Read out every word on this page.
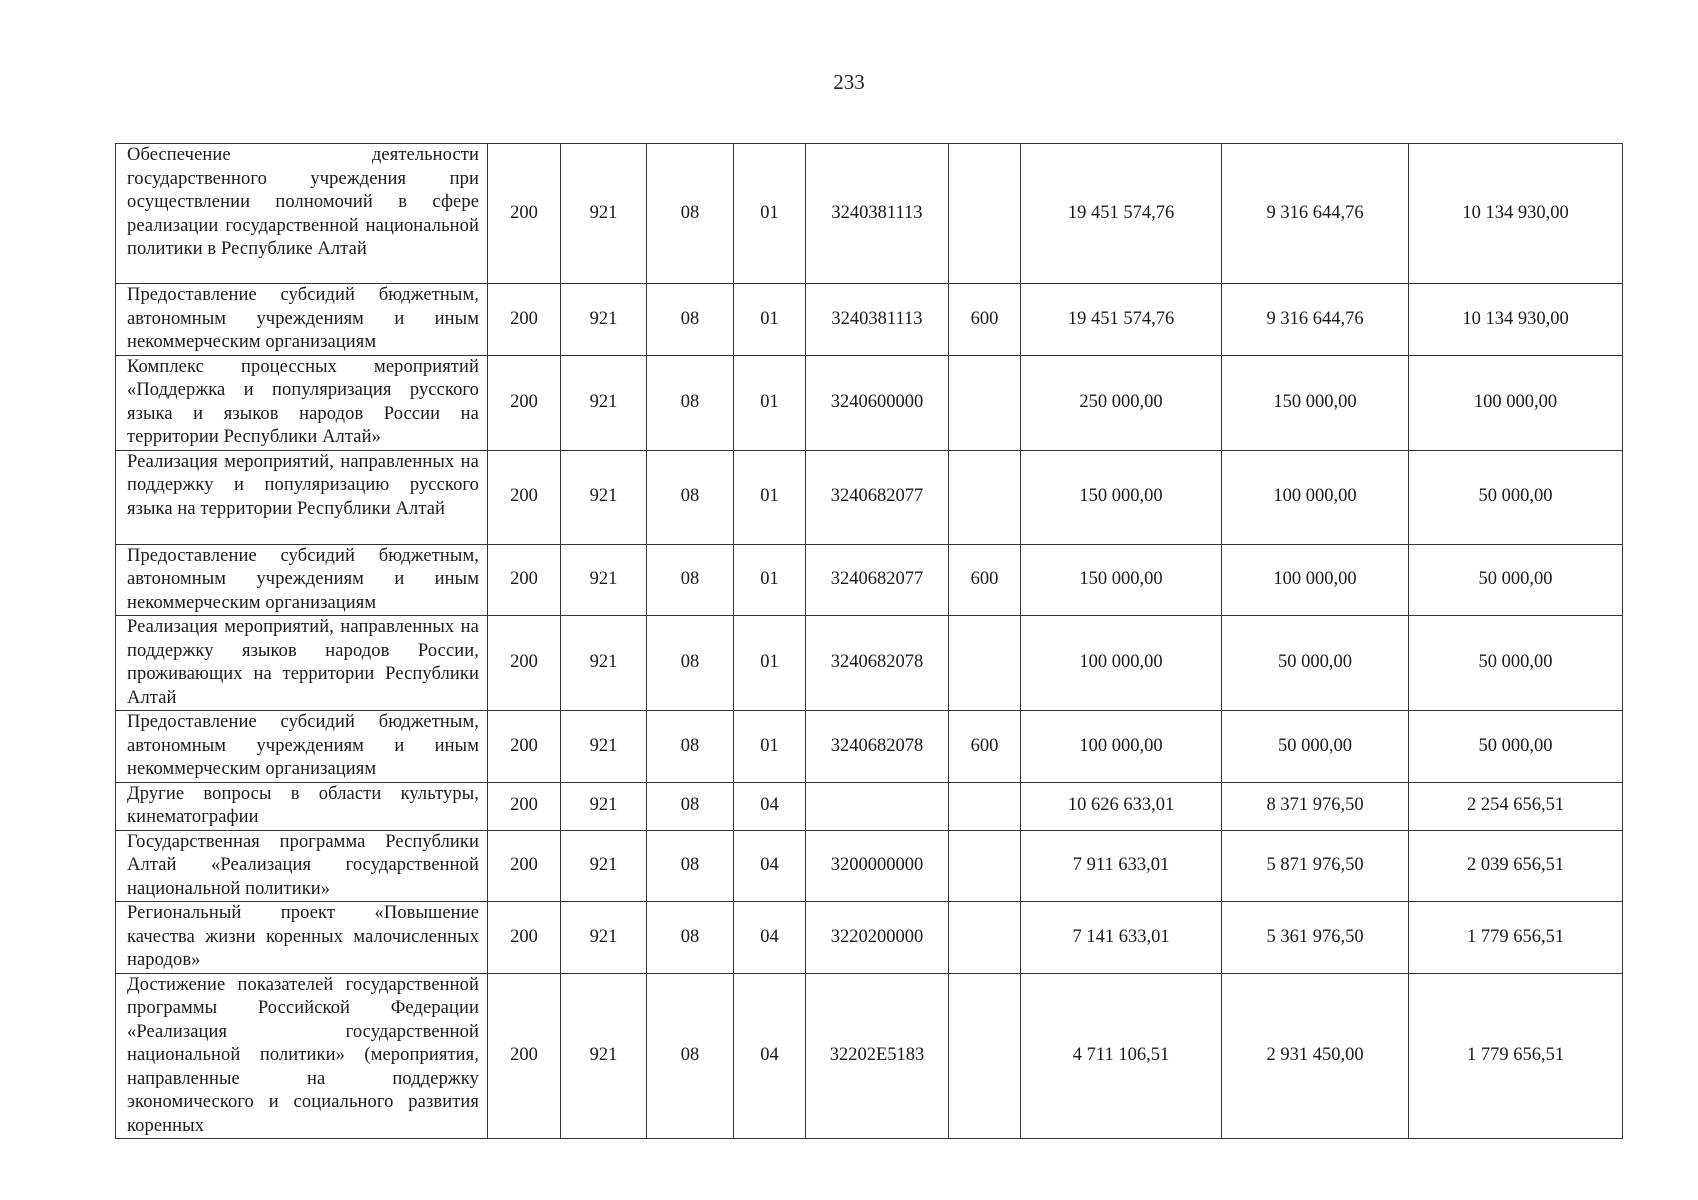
233
Обеспечение деятельности государственного учреждения при осуществлении полномочий в сфере реализации государственной национальной политики в Республике Алтай	200	921	08	01	3240381113		19 451 574,76	9 316 644,76	10 134 930,00
Предоставление субсидий бюджетным, автономным учреждениям и иным некоммерческим организациям	200	921	08	01	3240381113	600	19 451 574,76	9 316 644,76	10 134 930,00
Комплекс процессных мероприятий «Поддержка и популяризация русского языка и языков народов России на территории Республики Алтай»	200	921	08	01	3240600000		250 000,00	150 000,00	100 000,00
Реализация мероприятий, направленных на поддержку и популяризацию русского языка на территории Республики Алтай	200	921	08	01	3240682077		150 000,00	100 000,00	50 000,00
Предоставление субсидий бюджетным, автономным учреждениям и иным некоммерческим организациям	200	921	08	01	3240682077	600	150 000,00	100 000,00	50 000,00
Реализация мероприятий, направленных на поддержку языков народов России, проживающих на территории Республики Алтай	200	921	08	01	3240682078		100 000,00	50 000,00	50 000,00
Предоставление субсидий бюджетным, автономным учреждениям и иным некоммерческим организациям	200	921	08	01	3240682078	600	100 000,00	50 000,00	50 000,00
Другие вопросы в области культуры, кинематографии	200	921	08	04			10 626 633,01	8 371 976,50	2 254 656,51
Государственная программа Республики Алтай «Реализация государственной национальной политики»	200	921	08	04	3200000000		7 911 633,01	5 871 976,50	2 039 656,51
Региональный проект «Повышение качества жизни коренных малочисленных народов»	200	921	08	04	3220200000		7 141 633,01	5 361 976,50	1 779 656,51
Достижение показателей государственной программы Российской Федерации «Реализация государственной национальной политики» (мероприятия, направленные на поддержку экономического и социального развития коренных	200	921	08	04	32202E5183		4 711 106,51	2 931 450,00	1 779 656,51
